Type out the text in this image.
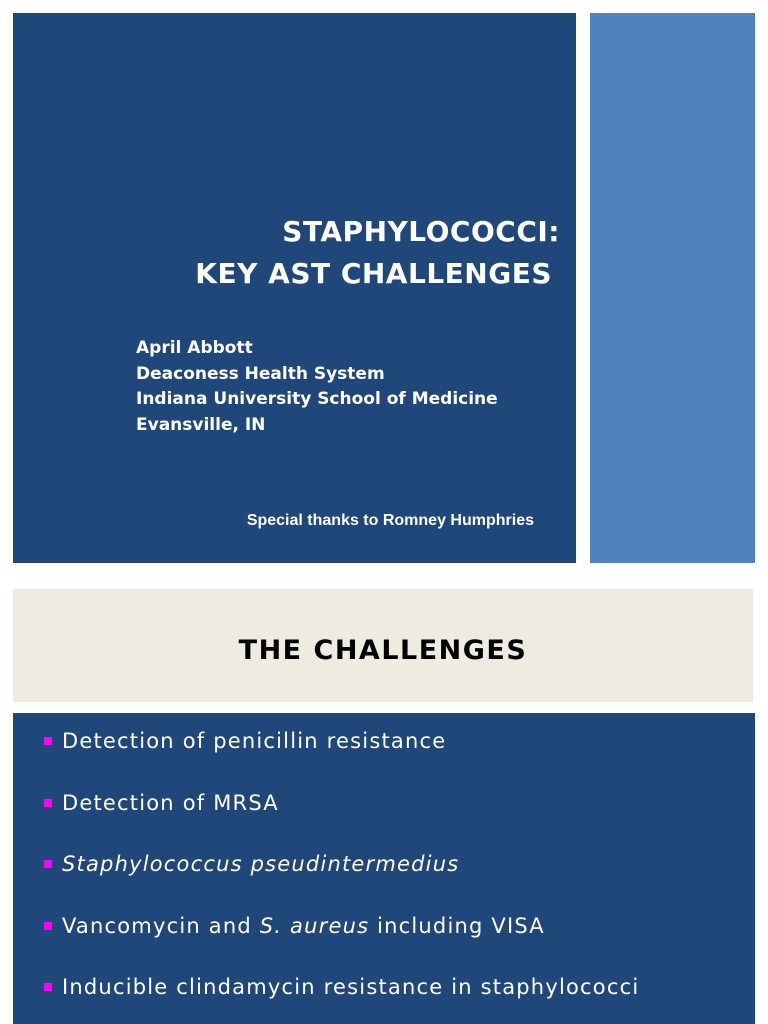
STAPHYLOCOCCI:
KEY AST CHALLENGES
April Abbott
Deaconess Health System
Indiana University School of Medicine
Evansville, IN
Special thanks to Romney Humphries
THE CHALLENGES
Detection of penicillin resistance
Detection of MRSA
Staphylococcus pseudintermedius
Vancomycin and S. aureus including VISA
Inducible clindamycin resistance in staphylococci
